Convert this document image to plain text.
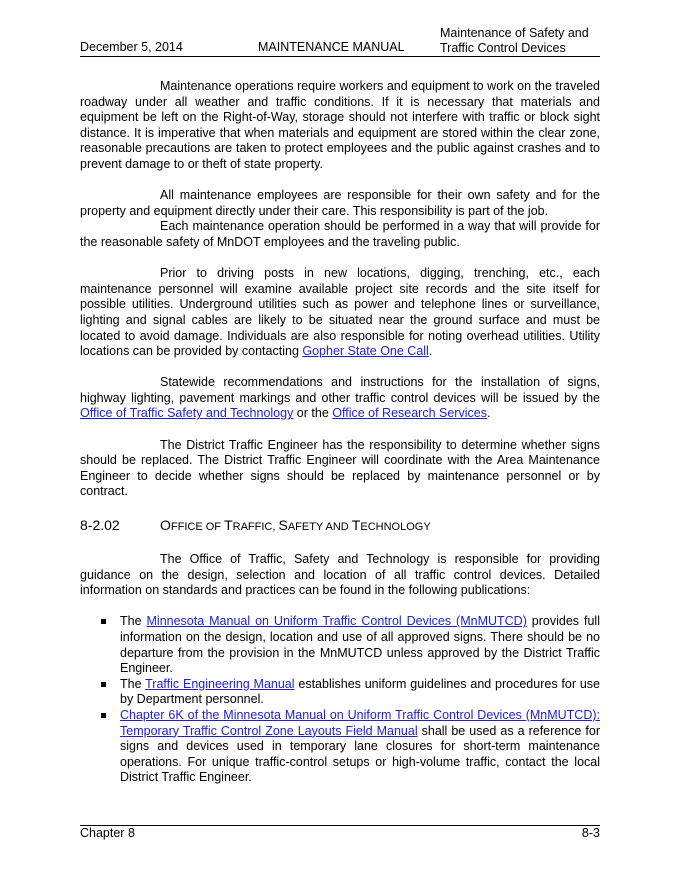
December 5, 2014	MAINTENANCE MANUAL
Maintenance of Safety and
Traffic Control Devices

Maintenance operations require workers and equipment to work on the traveled roadway under all weather and traffic conditions. If it is necessary that materials and equipment be left on the Right-of-Way, storage should not interfere with traffic or block sight distance. It is imperative that when materials and equipment are stored within the clear zone, reasonable precautions are taken to protect employees and the public against crashes and to prevent damage to or theft of state property.

All maintenance employees are responsible for their own safety and for the property and equipment directly under their care. This responsibility is part of the job.

Each maintenance operation should be performed in a way that will provide for the reasonable safety of MnDOT employees and the traveling public.

Prior to driving posts in new locations, digging, trenching, etc., each maintenance personnel will examine available project site records and the site itself for possible utilities. Underground utilities such as power and telephone lines or surveillance, lighting and signal cables are likely to be situated near the ground surface and must be located to avoid damage. Individuals are also responsible for noting overhead utilities. Utility locations can be provided by contacting Gopher State One Call.

Statewide recommendations and instructions for the installation of signs, highway lighting, pavement markings and other traffic control devices will be issued by the Office of Traffic Safety and Technology or the Office of Research Services.

The District Traffic Engineer has the responsibility to determine whether signs should be replaced. The District Traffic Engineer will coordinate with the Area Maintenance Engineer to decide whether signs should be replaced by maintenance personnel or by contract.

8-2.02	OFFICE OF TRAFFIC, SAFETY AND TECHNOLOGY

The Office of Traffic, Safety and Technology is responsible for providing guidance on the design, selection and location of all traffic control devices. Detailed information on standards and practices can be found in the following publications:

The Minnesota Manual on Uniform Traffic Control Devices (MnMUTCD) provides full information on the design, location and use of all approved signs. There should be no departure from the provision in the MnMUTCD unless approved by the District Traffic Engineer.
The Traffic Engineering Manual establishes uniform guidelines and procedures for use by Department personnel.
Chapter 6K of the Minnesota Manual on Uniform Traffic Control Devices (MnMUTCD): Temporary Traffic Control Zone Layouts Field Manual shall be used as a reference for signs and devices used in temporary lane closures for short-term maintenance operations. For unique traffic-control setups or high-volume traffic, contact the local District Traffic Engineer.
Chapter 8	8-3
